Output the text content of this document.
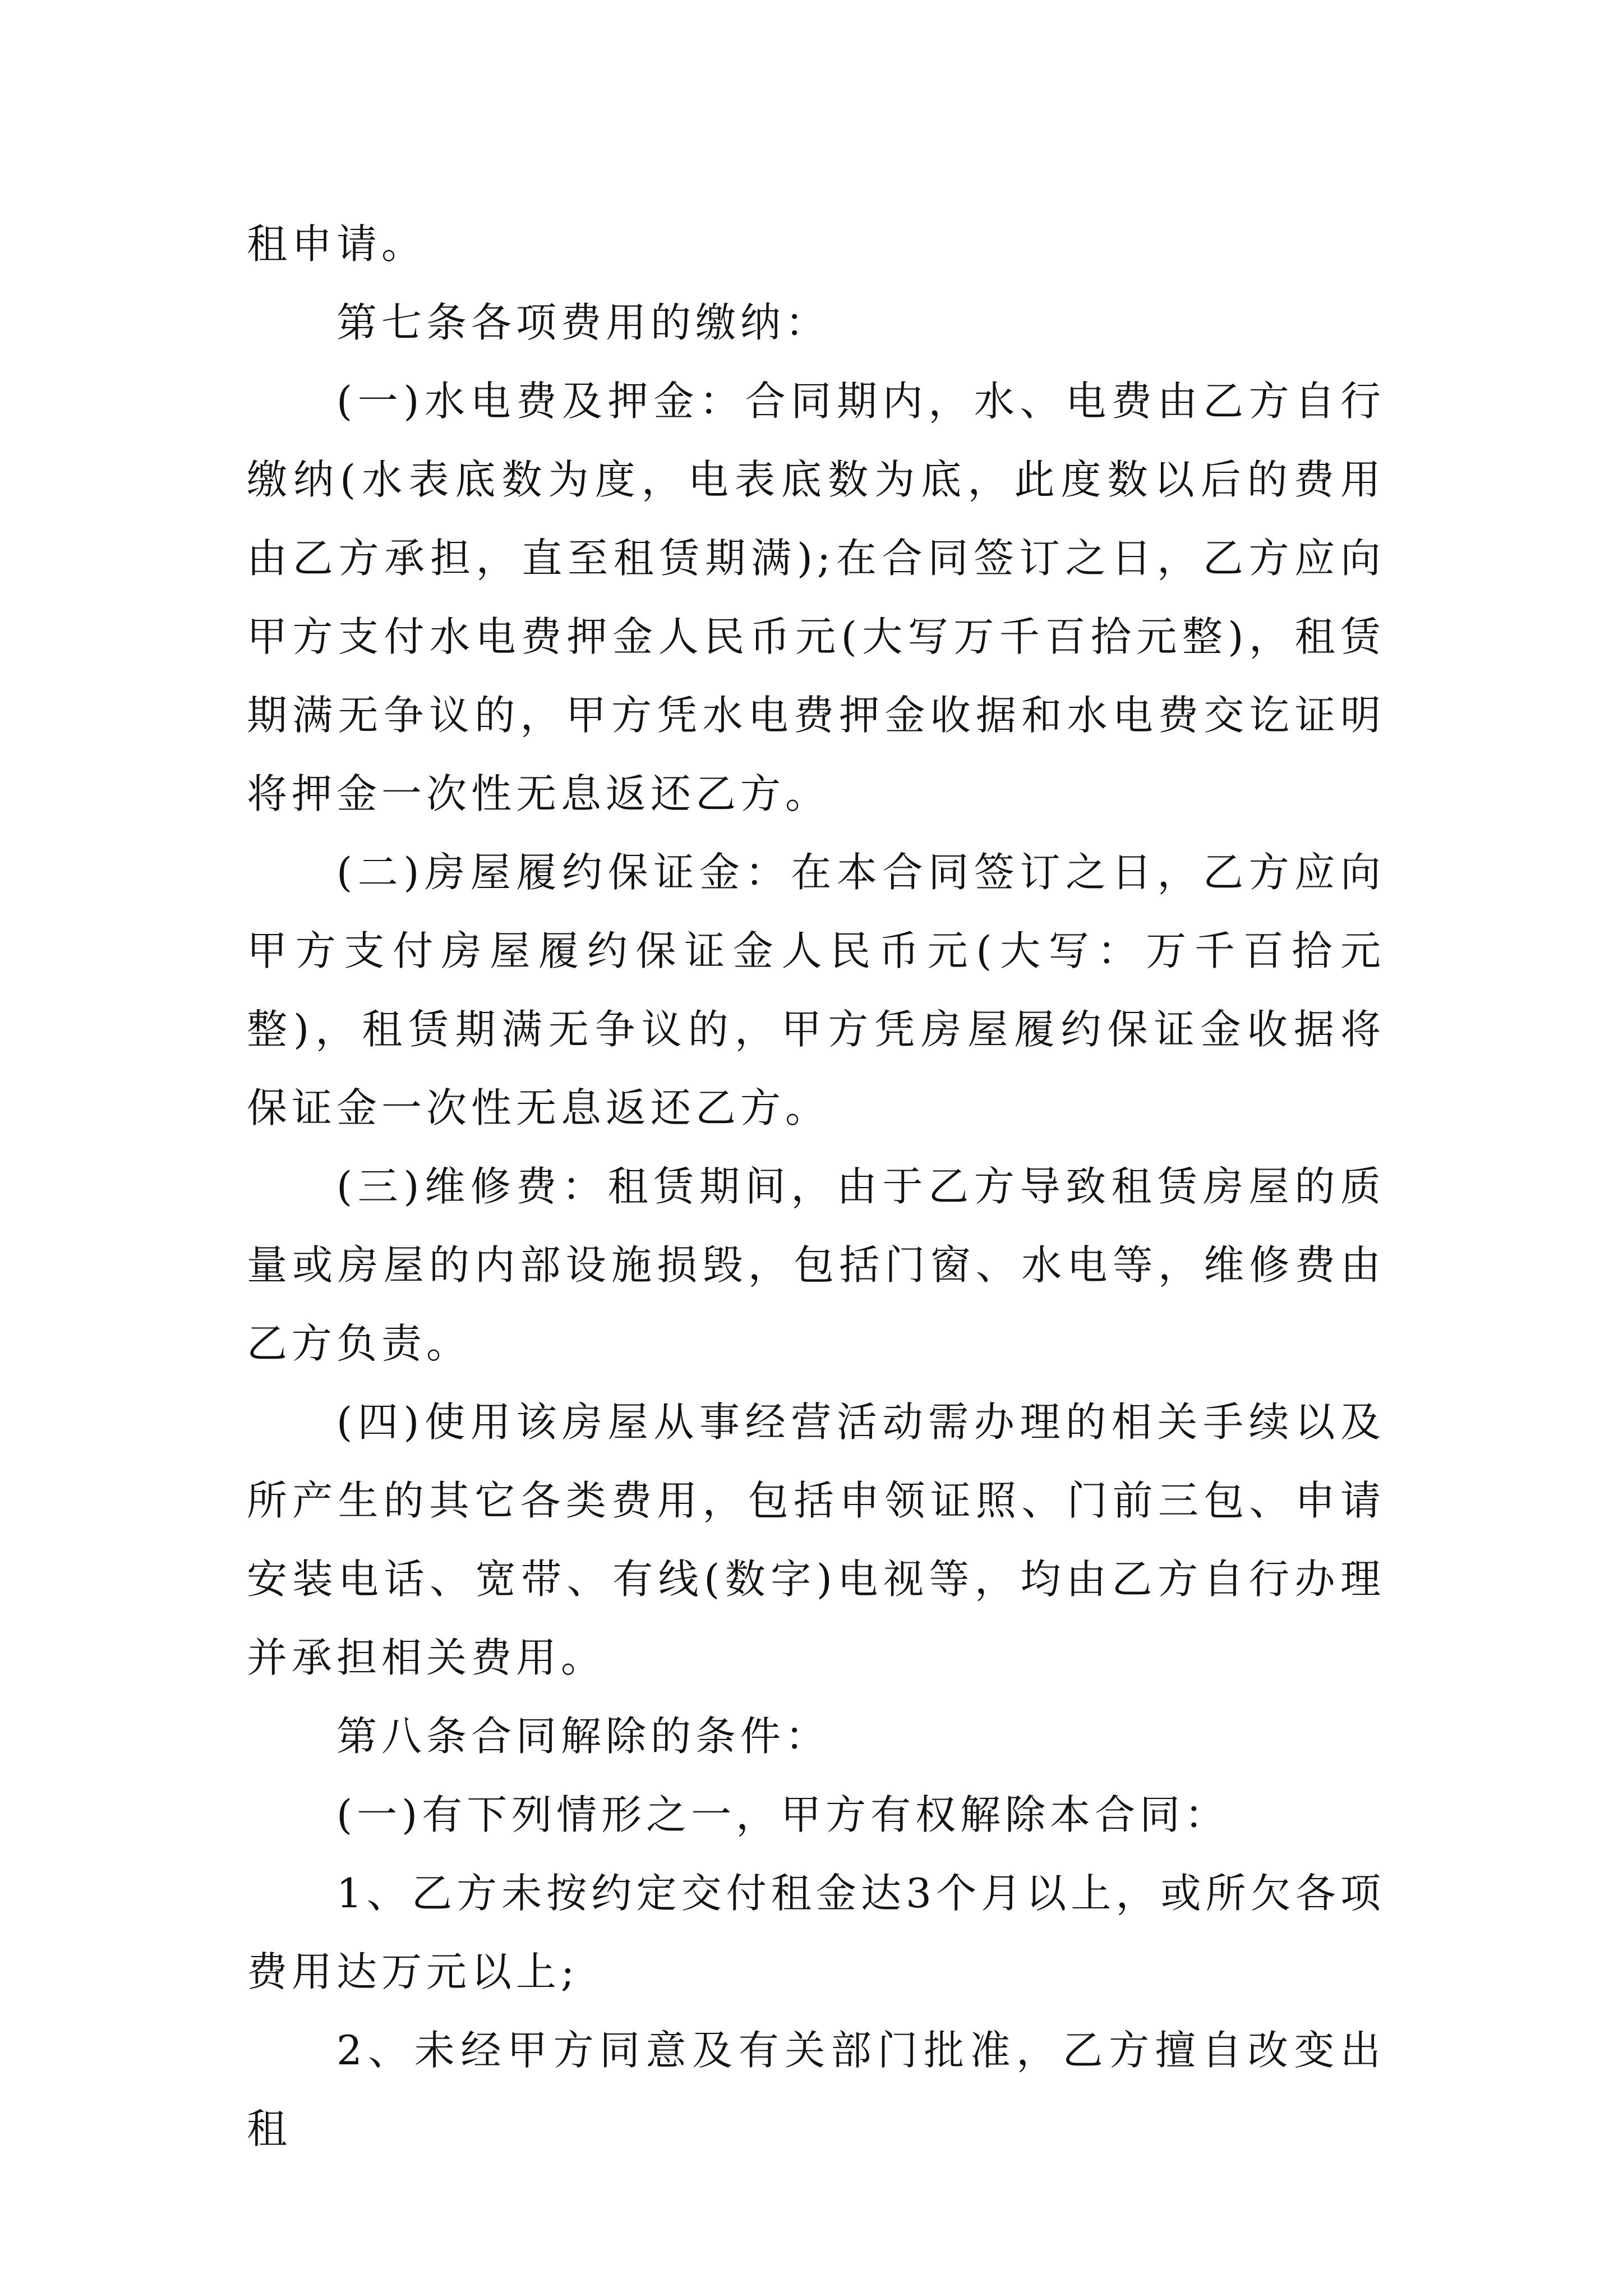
租申请。

第七条各项费用的缴纳：

(一)水电费及押金：合同期内，水、电费由乙方自行缴纳(水表底数为度，电表底数为底，此度数以后的费用由乙方承担，直至租赁期满);在合同签订之日，乙方应向甲方支付水电费押金人民币元(大写万千百拾元整)，租赁期满无争议的，甲方凭水电费押金收据和水电费交讫证明将押金一次性无息返还乙方。

(二)房屋履约保证金：在本合同签订之日，乙方应向甲方支付房屋履约保证金人民币元(大写：万千百拾元整)，租赁期满无争议的，甲方凭房屋履约保证金收据将保证金一次性无息返还乙方。

(三)维修费：租赁期间，由于乙方导致租赁房屋的质量或房屋的内部设施损毁，包括门窗、水电等，维修费由乙方负责。

(四)使用该房屋从事经营活动需办理的相关手续以及所产生的其它各类费用，包括申领证照、门前三包、申请安装电话、宽带、有线(数字)电视等，均由乙方自行办理并承担相关费用。

第八条合同解除的条件：

(一)有下列情形之一，甲方有权解除本合同：

1、乙方未按约定交付租金达3个月以上，或所欠各项费用达万元以上;

2、未经甲方同意及有关部门批准，乙方擅自改变出租
